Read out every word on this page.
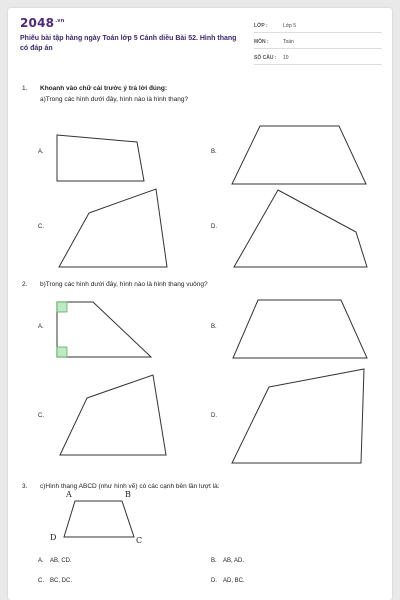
$2048^{.vn}$
Phiếu bài tập hàng ngày Toán lớp 5 Cánh diều Bài 52. Hình thang có đáp án
LỚP :	Lớp 5
MÔN :	Toán
SỐ CÂU : 10
1. Khoanh vào chữ cái trước ý trả lời đúng:
a)Trong các hình dưới đây, hình nào là hình thang?
A.	B.
C.	D.
2. b)Trong các hình dưới đây, hình nào là hình thang vuông?
A.	B.
C.	D.
3. c)Hình thang ABCD (như hình vẽ) có các cạnh bên lần lượt là:
A	B
C
D
A. AB, CD.	B. AB, AD.
C. BC, DC.	D. AD, BC.
